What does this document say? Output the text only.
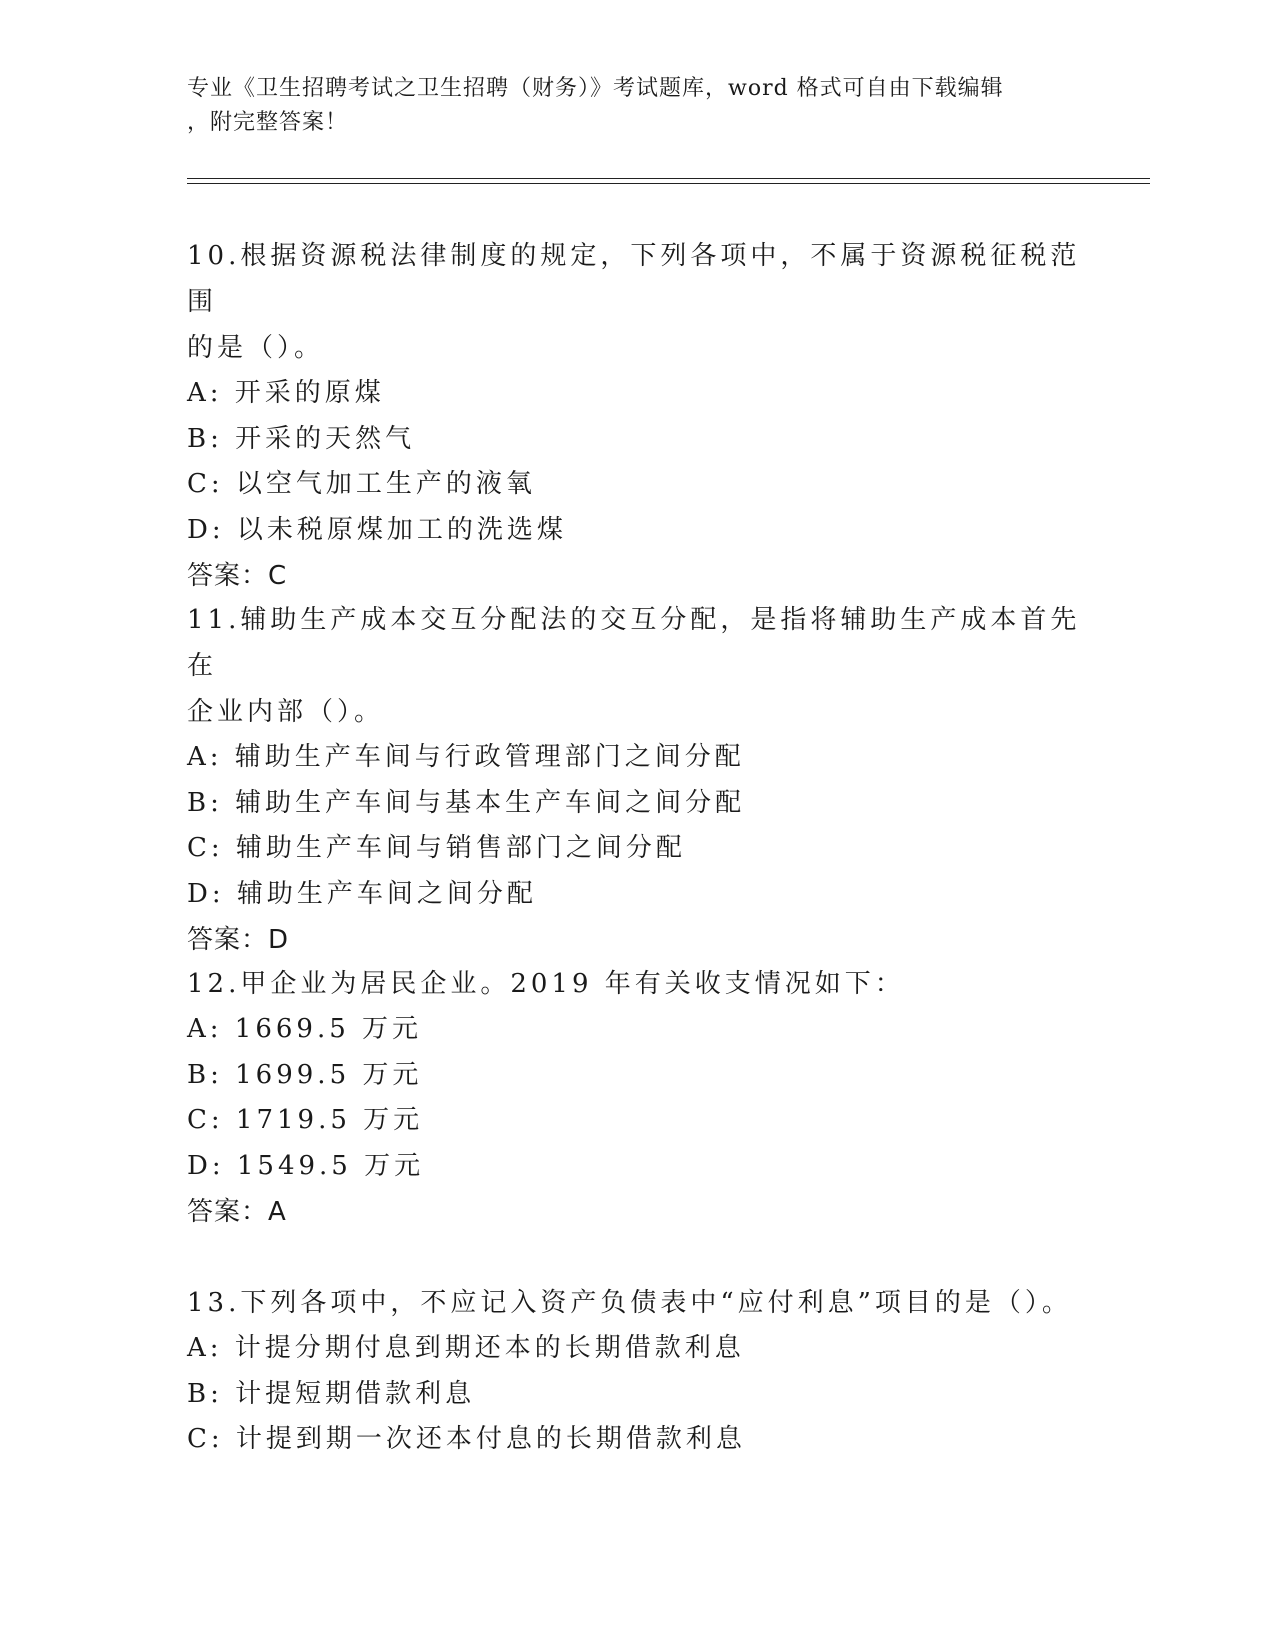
专业《卫生招聘考试之卫生招聘（财务）》考试题库，word 格式可自由下载编辑
，附完整答案！
10.根据资源税法律制度的规定，下列各项中，不属于资源税征税范围
的是（）。
A: 开采的原煤
B: 开采的天然气
C: 以空气加工生产的液氧
D: 以未税原煤加工的洗选煤
答案：C
11.辅助生产成本交互分配法的交互分配，是指将辅助生产成本首先在
企业内部（）。
A: 辅助生产车间与行政管理部门之间分配
B: 辅助生产车间与基本生产车间之间分配
C: 辅助生产车间与销售部门之间分配
D: 辅助生产车间之间分配
答案：D
12.甲企业为居民企业。2019 年有关收支情况如下：
A: 1669.5 万元
B: 1699.5 万元
C: 1719.5 万元
D: 1549.5 万元
答案：A
13.下列各项中，不应记入资产负债表中“应付利息”项目的是（）。
A: 计提分期付息到期还本的长期借款利息
B: 计提短期借款利息
C: 计提到期一次还本付息的长期借款利息
